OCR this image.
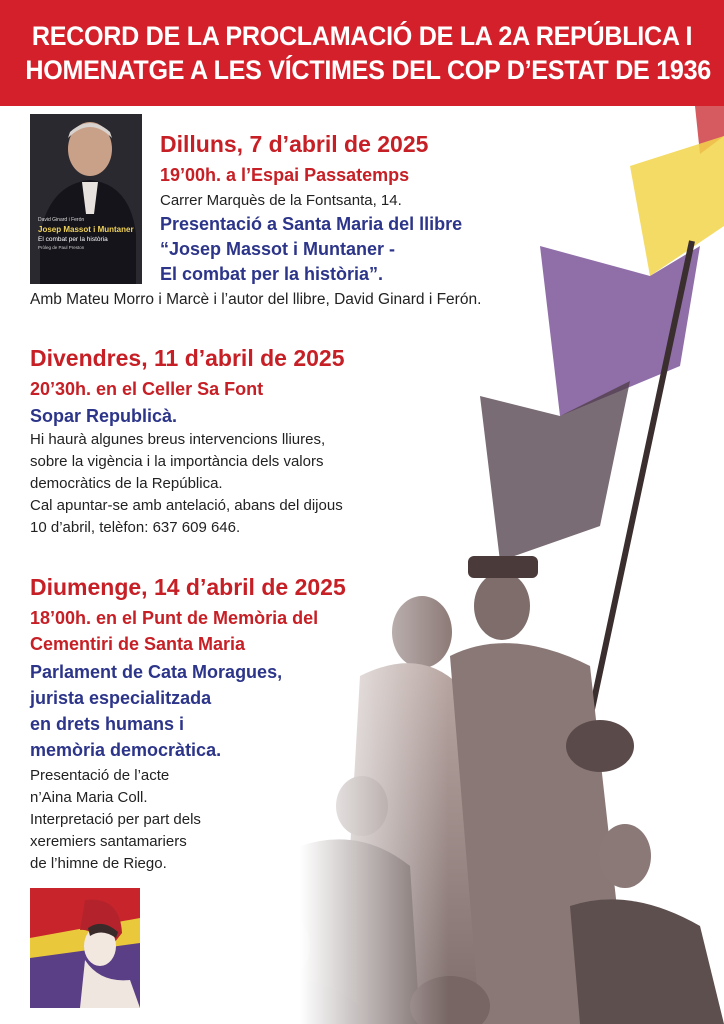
RECORD DE LA PROCLAMACIÓ DE LA 2A REPÚBLICA I
HOMENATGE A LES VÍCTIMES DEL COP D’ESTAT DE 1936
David Ginard i Ferón
Josep Massot i Muntaner
El combat per la història
Pròleg de Paul Preston
Dilluns, 7 d’abril de 2025
19’00h. a l’Espai Passatemps
Carrer Marquès de la Fontsanta, 14.
Presentació a Santa Maria del llibre
“Josep Massot i Muntaner -
El combat per la història”.
Amb Mateu Morro i Marcè i l’autor del llibre, David Ginard i Ferón.
Divendres, 11 d’abril de 2025
20’30h. en el Celler Sa Font
Sopar Republicà.
Hi haurà algunes breus intervencions lliures,
sobre la vigència i la importància dels valors
democràtics de la República.
Cal apuntar-se amb antelació, abans del dijous
10 d’abril, telèfon: 637 609 646.
Diumenge, 14 d’abril de 2025
18’00h. en el Punt de Memòria del
Cementiri de Santa Maria
Parlament de Cata Moragues,
jurista especialitzada
en drets humans i
memòria democràtica.
Presentació de l’acte
n’Aina Maria Coll.
Interpretació per part dels
xeremiers santamariers
de l’himne de Riego.
